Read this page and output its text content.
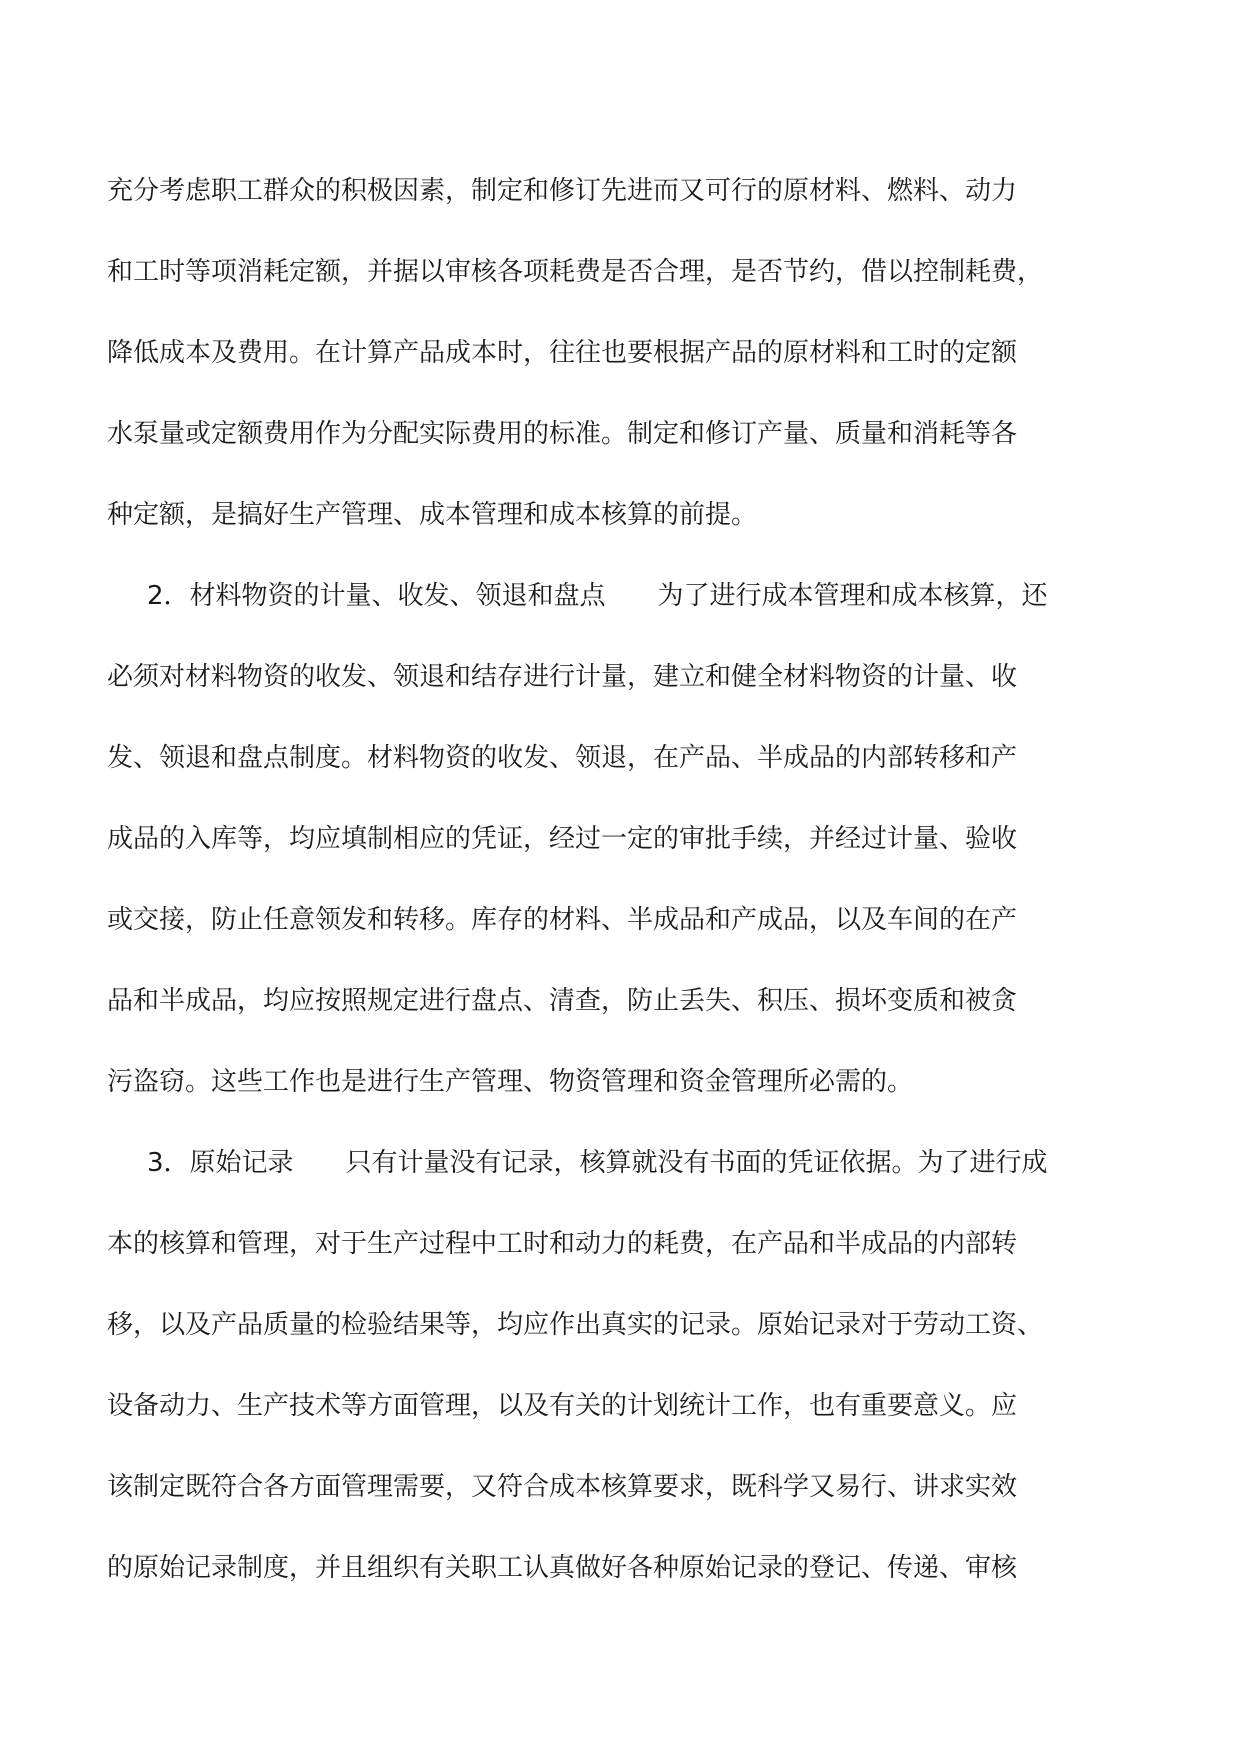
充分考虑职工群众的积极因素，制定和修订先进而又可行的原材料、燃料、动力
和工时等项消耗定额，并据以审核各项耗费是否合理，是否节约，借以控制耗费，
降低成本及费用。在计算产品成本时，往往也要根据产品的原材料和工时的定额
水泵量或定额费用作为分配实际费用的标准。制定和修订产量、质量和消耗等各
种定额，是搞好生产管理、成本管理和成本核算的前提。
2．材料物资的计量、收发、领退和盘点　　为了进行成本管理和成本核算，还
必须对材料物资的收发、领退和结存进行计量，建立和健全材料物资的计量、收
发、领退和盘点制度。材料物资的收发、领退，在产品、半成品的内部转移和产
成品的入库等，均应填制相应的凭证，经过一定的审批手续，并经过计量、验收
或交接，防止任意领发和转移。库存的材料、半成品和产成品，以及车间的在产
品和半成品，均应按照规定进行盘点、清查，防止丢失、积压、损坏变质和被贪
污盗窃。这些工作也是进行生产管理、物资管理和资金管理所必需的。
3．原始记录　　只有计量没有记录，核算就没有书面的凭证依据。为了进行成
本的核算和管理，对于生产过程中工时和动力的耗费，在产品和半成品的内部转
移，以及产品质量的检验结果等，均应作出真实的记录。原始记录对于劳动工资、
设备动力、生产技术等方面管理，以及有关的计划统计工作，也有重要意义。应
该制定既符合各方面管理需要，又符合成本核算要求，既科学又易行、讲求实效
的原始记录制度，并且组织有关职工认真做好各种原始记录的登记、传递、审核
